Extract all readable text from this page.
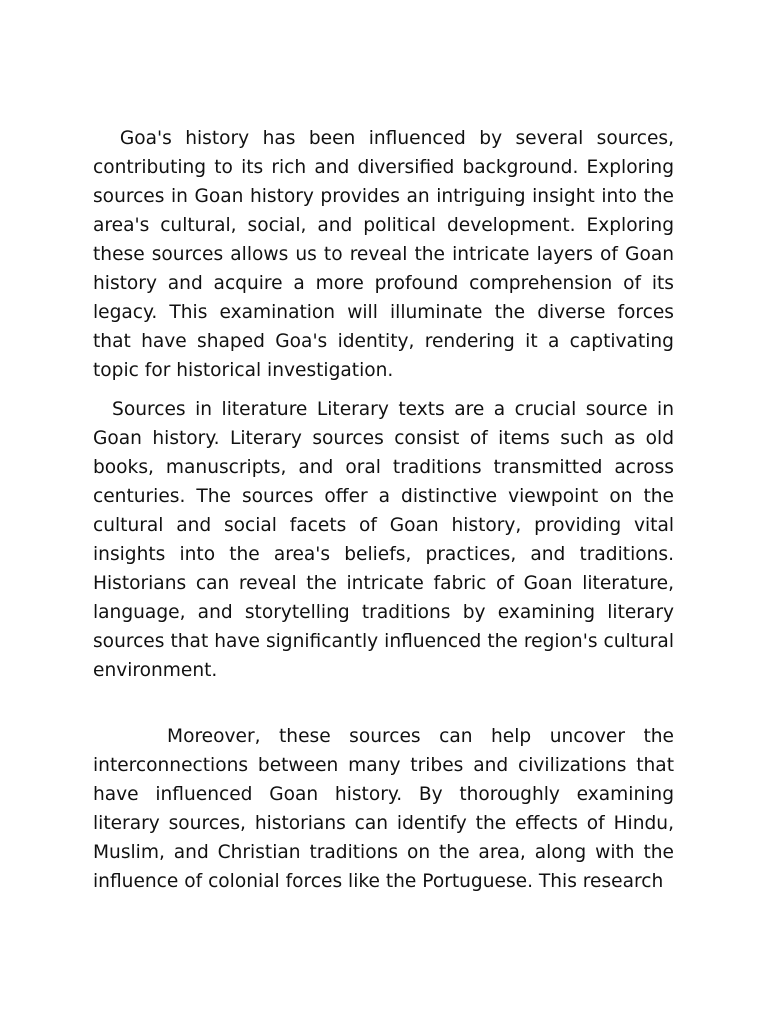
Goa's history has been influenced by several sources, contributing to its rich and diversified background. Exploring sources in Goan history provides an intriguing insight into the area's cultural, social, and political development. Exploring these sources allows us to reveal the intricate layers of Goan history and acquire a more profound comprehension of its legacy. This examination will illuminate the diverse forces that have shaped Goa's identity, rendering it a captivating topic for historical investigation.

Sources in literature Literary texts are a crucial source in Goan history. Literary sources consist of items such as old books, manuscripts, and oral traditions transmitted across centuries. The sources offer a distinctive viewpoint on the cultural and social facets of Goan history, providing vital insights into the area's beliefs, practices, and traditions. Historians can reveal the intricate fabric of Goan literature, language, and storytelling traditions by examining literary sources that have significantly influenced the region's cultural environment.

Moreover, these sources can help uncover the interconnections between many tribes and civilizations that have influenced Goan history. By thoroughly examining literary sources, historians can identify the effects of Hindu, Muslim, and Christian traditions on the area, along with the influence of colonial forces like the Portuguese. This research
